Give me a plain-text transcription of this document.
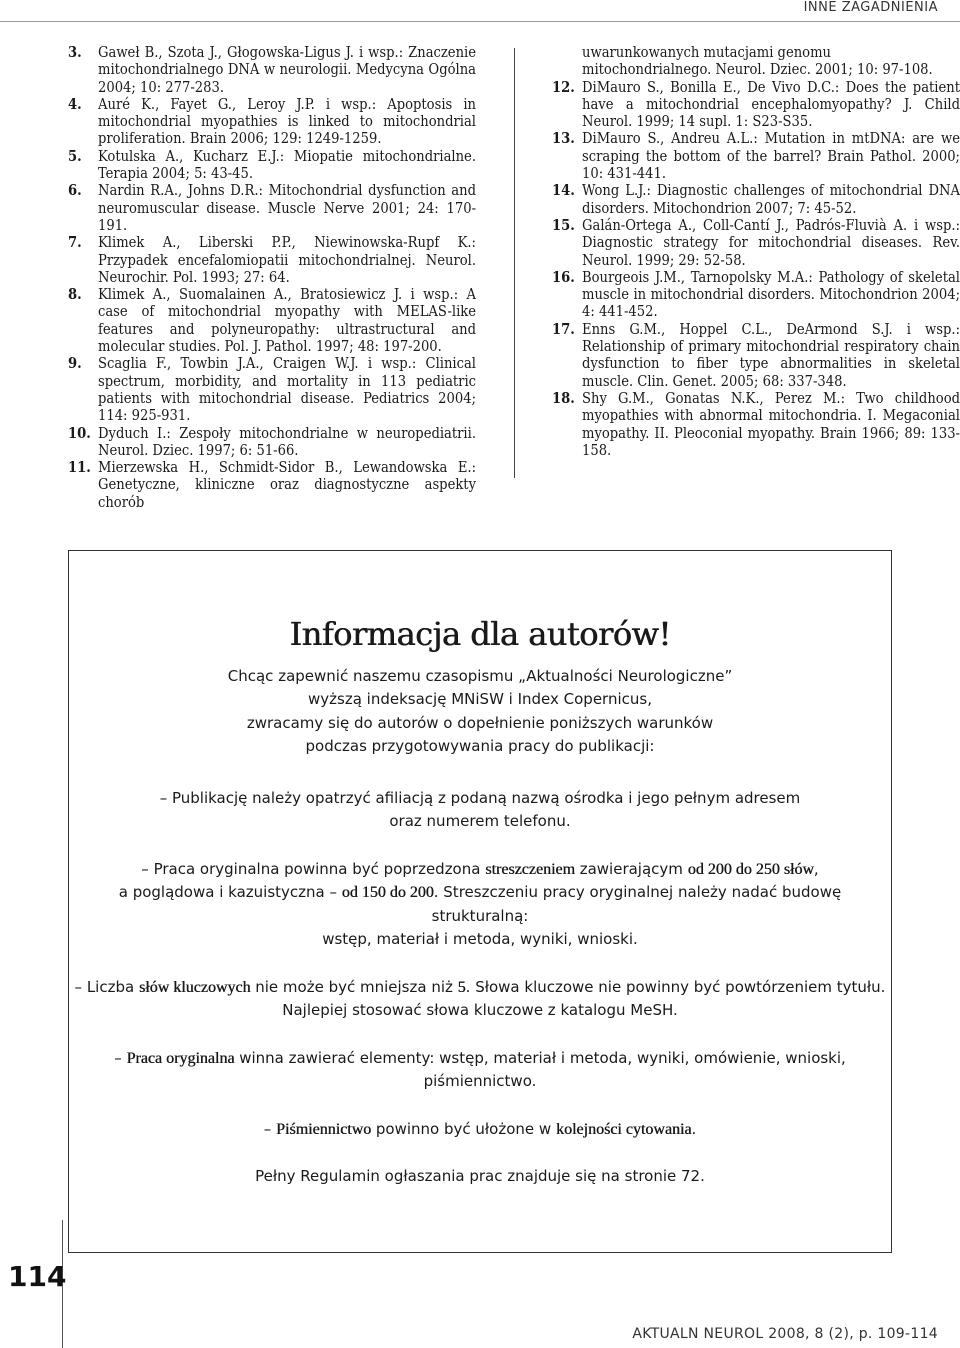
INNE ZAGADNIENIA
3.	Gaweł B., Szota J., Głogowska-Ligus J. i wsp.: Znaczenie mitochondrialnego DNA w neurologii. Medycyna Ogólna 2004; 10: 277-283.
4.	Auré K., Fayet G., Leroy J.P. i wsp.: Apoptosis in mitochondrial myopathies is linked to mitochondrial proliferation. Brain 2006; 129: 1249-1259.
5.	Kotulska A., Kucharz E.J.: Miopatie mitochondrialne. Terapia 2004; 5: 43-45.
6.	Nardin R.A., Johns D.R.: Mitochondrial dysfunction and neuromuscular disease. Muscle Nerve 2001; 24: 170-191.
7.	Klimek A., Liberski P.P., Niewinowska-Rupf K.: Przypadek encefalomiopatii mitochondrialnej. Neurol. Neurochir. Pol. 1993; 27: 64.
8.	Klimek A., Suomalainen A., Bratosiewicz J. i wsp.: A case of mitochondrial myopathy with MELAS-like features and polyneuropathy: ultrastructural and molecular studies. Pol. J. Pathol. 1997; 48: 197-200.
9.	Scaglia F., Towbin J.A., Craigen W.J. i wsp.: Clinical spectrum, morbidity, and mortality in 113 pediatric patients with mitochondrial disease. Pediatrics 2004; 114: 925-931.
10. Dyduch I.: Zespoły mitochondrialne w neuropediatrii. Neurol. Dziec. 1997; 6: 51-66.
11. Mierzewska H., Schmidt-Sidor B., Lewandowska E.: Genetyczne, kliniczne oraz diagnostyczne aspekty chorób
uwarunkowanych mutacjami genomu mitochondrialnego. Neurol. Dziec. 2001; 10: 97-108.
12. DiMauro S., Bonilla E., De Vivo D.C.: Does the patient have a mitochondrial encephalomyopathy? J. Child Neurol. 1999; 14 supl. 1: S23-S35.
13. DiMauro S., Andreu A.L.: Mutation in mtDNA: are we scraping the bottom of the barrel? Brain Pathol. 2000; 10: 431-441.
14. Wong L.J.: Diagnostic challenges of mitochondrial DNA disorders. Mitochondrion 2007; 7: 45-52.
15. Galán-Ortega A., Coll-Cantí J., Padrós-Fluvià A. i wsp.: Diagnostic strategy for mitochondrial diseases. Rev. Neurol. 1999; 29: 52-58.
16. Bourgeois J.M., Tarnopolsky M.A.: Pathology of skeletal muscle in mitochondrial disorders. Mitochondrion 2004; 4: 441-452.
17. Enns G.M., Hoppel C.L., DeArmond S.J. i wsp.: Relationship of primary mitochondrial respiratory chain dysfunction to fiber type abnormalities in skeletal muscle. Clin. Genet. 2005; 68: 337-348.
18. Shy G.M., Gonatas N.K., Perez M.: Two childhood myopathies with abnormal mitochondria. I. Megaconial myopathy. II. Pleoconial myopathy. Brain 1966; 89: 133-158.
Informacja dla autorów!

Chcąc zapewnić naszemu czasopismu „Aktualności Neurologiczne”
wyższą indeksację MNiSW i Index Copernicus,
zwracamy się do autorów o dopełnienie poniższych warunków
podczas przygotowywania pracy do publikacji:

– Publikację należy opatrzyć afiliacją z podaną nazwą ośrodka i jego pełnym adresem
oraz numerem telefonu.

– Praca oryginalna powinna być poprzedzona streszczeniem zawierającym od 200 do 250 słów,
a poglądowa i kazuistyczna – od 150 do 200. Streszczeniu pracy oryginalnej należy nadać budowę strukturalną:
wstęp, materiał i metoda, wyniki, wnioski.

– Liczba słów kluczowych nie może być mniejsza niż 5. Słowa kluczowe nie powinny być powtórzeniem tytułu.
Najlepiej stosować słowa kluczowe z katalogu MeSH.

– Praca oryginalna winna zawierać elementy: wstęp, materiał i metoda, wyniki, omówienie, wnioski, piśmiennictwo.

– Piśmiennictwo powinno być ułożone w kolejności cytowania.

Pełny Regulamin ogłaszania prac znajduje się na stronie 72.

114
AKTUALN NEUROL 2008, 8 (2), p. 109-114
